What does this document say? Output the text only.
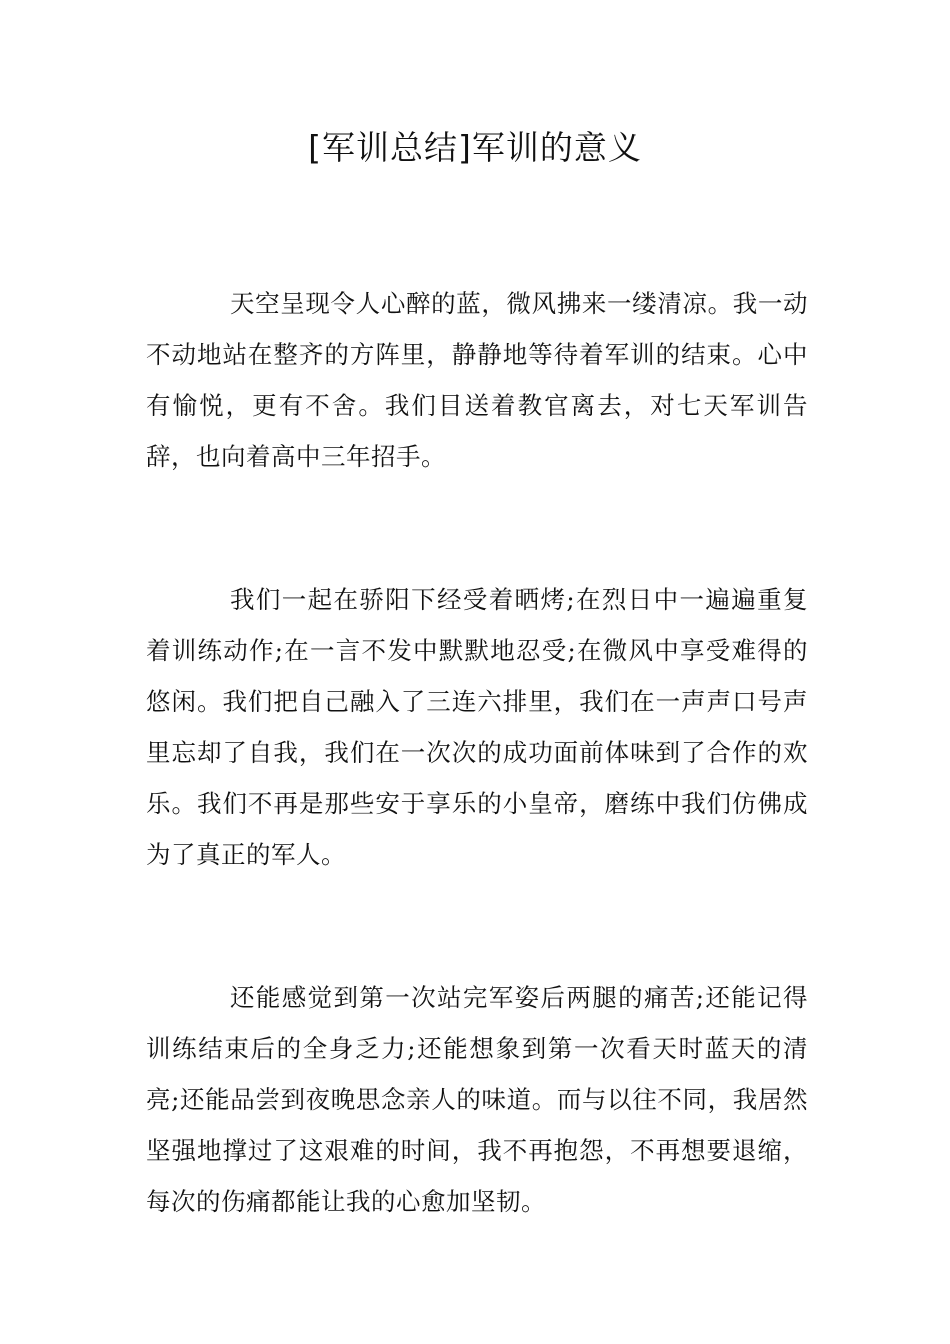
[军训总结]军训的意义

天空呈现令人心醉的蓝，微风拂来一缕清凉。我一动不动地站在整齐的方阵里，静静地等待着军训的结束。心中有愉悦，更有不舍。我们目送着教官离去，对七天军训告辞，也向着高中三年招手。

我们一起在骄阳下经受着晒烤;在烈日中一遍遍重复着训练动作;在一言不发中默默地忍受;在微风中享受难得的悠闲。我们把自己融入了三连六排里，我们在一声声口号声里忘却了自我，我们在一次次的成功面前体味到了合作的欢乐。我们不再是那些安于享乐的小皇帝，磨练中我们仿佛成为了真正的军人。

还能感觉到第一次站完军姿后两腿的痛苦;还能记得训练结束后的全身乏力;还能想象到第一次看天时蓝天的清亮;还能品尝到夜晚思念亲人的味道。而与以往不同，我居然坚强地撑过了这艰难的时间，我不再抱怨，不再想要退缩，每次的伤痛都能让我的心愈加坚韧。
